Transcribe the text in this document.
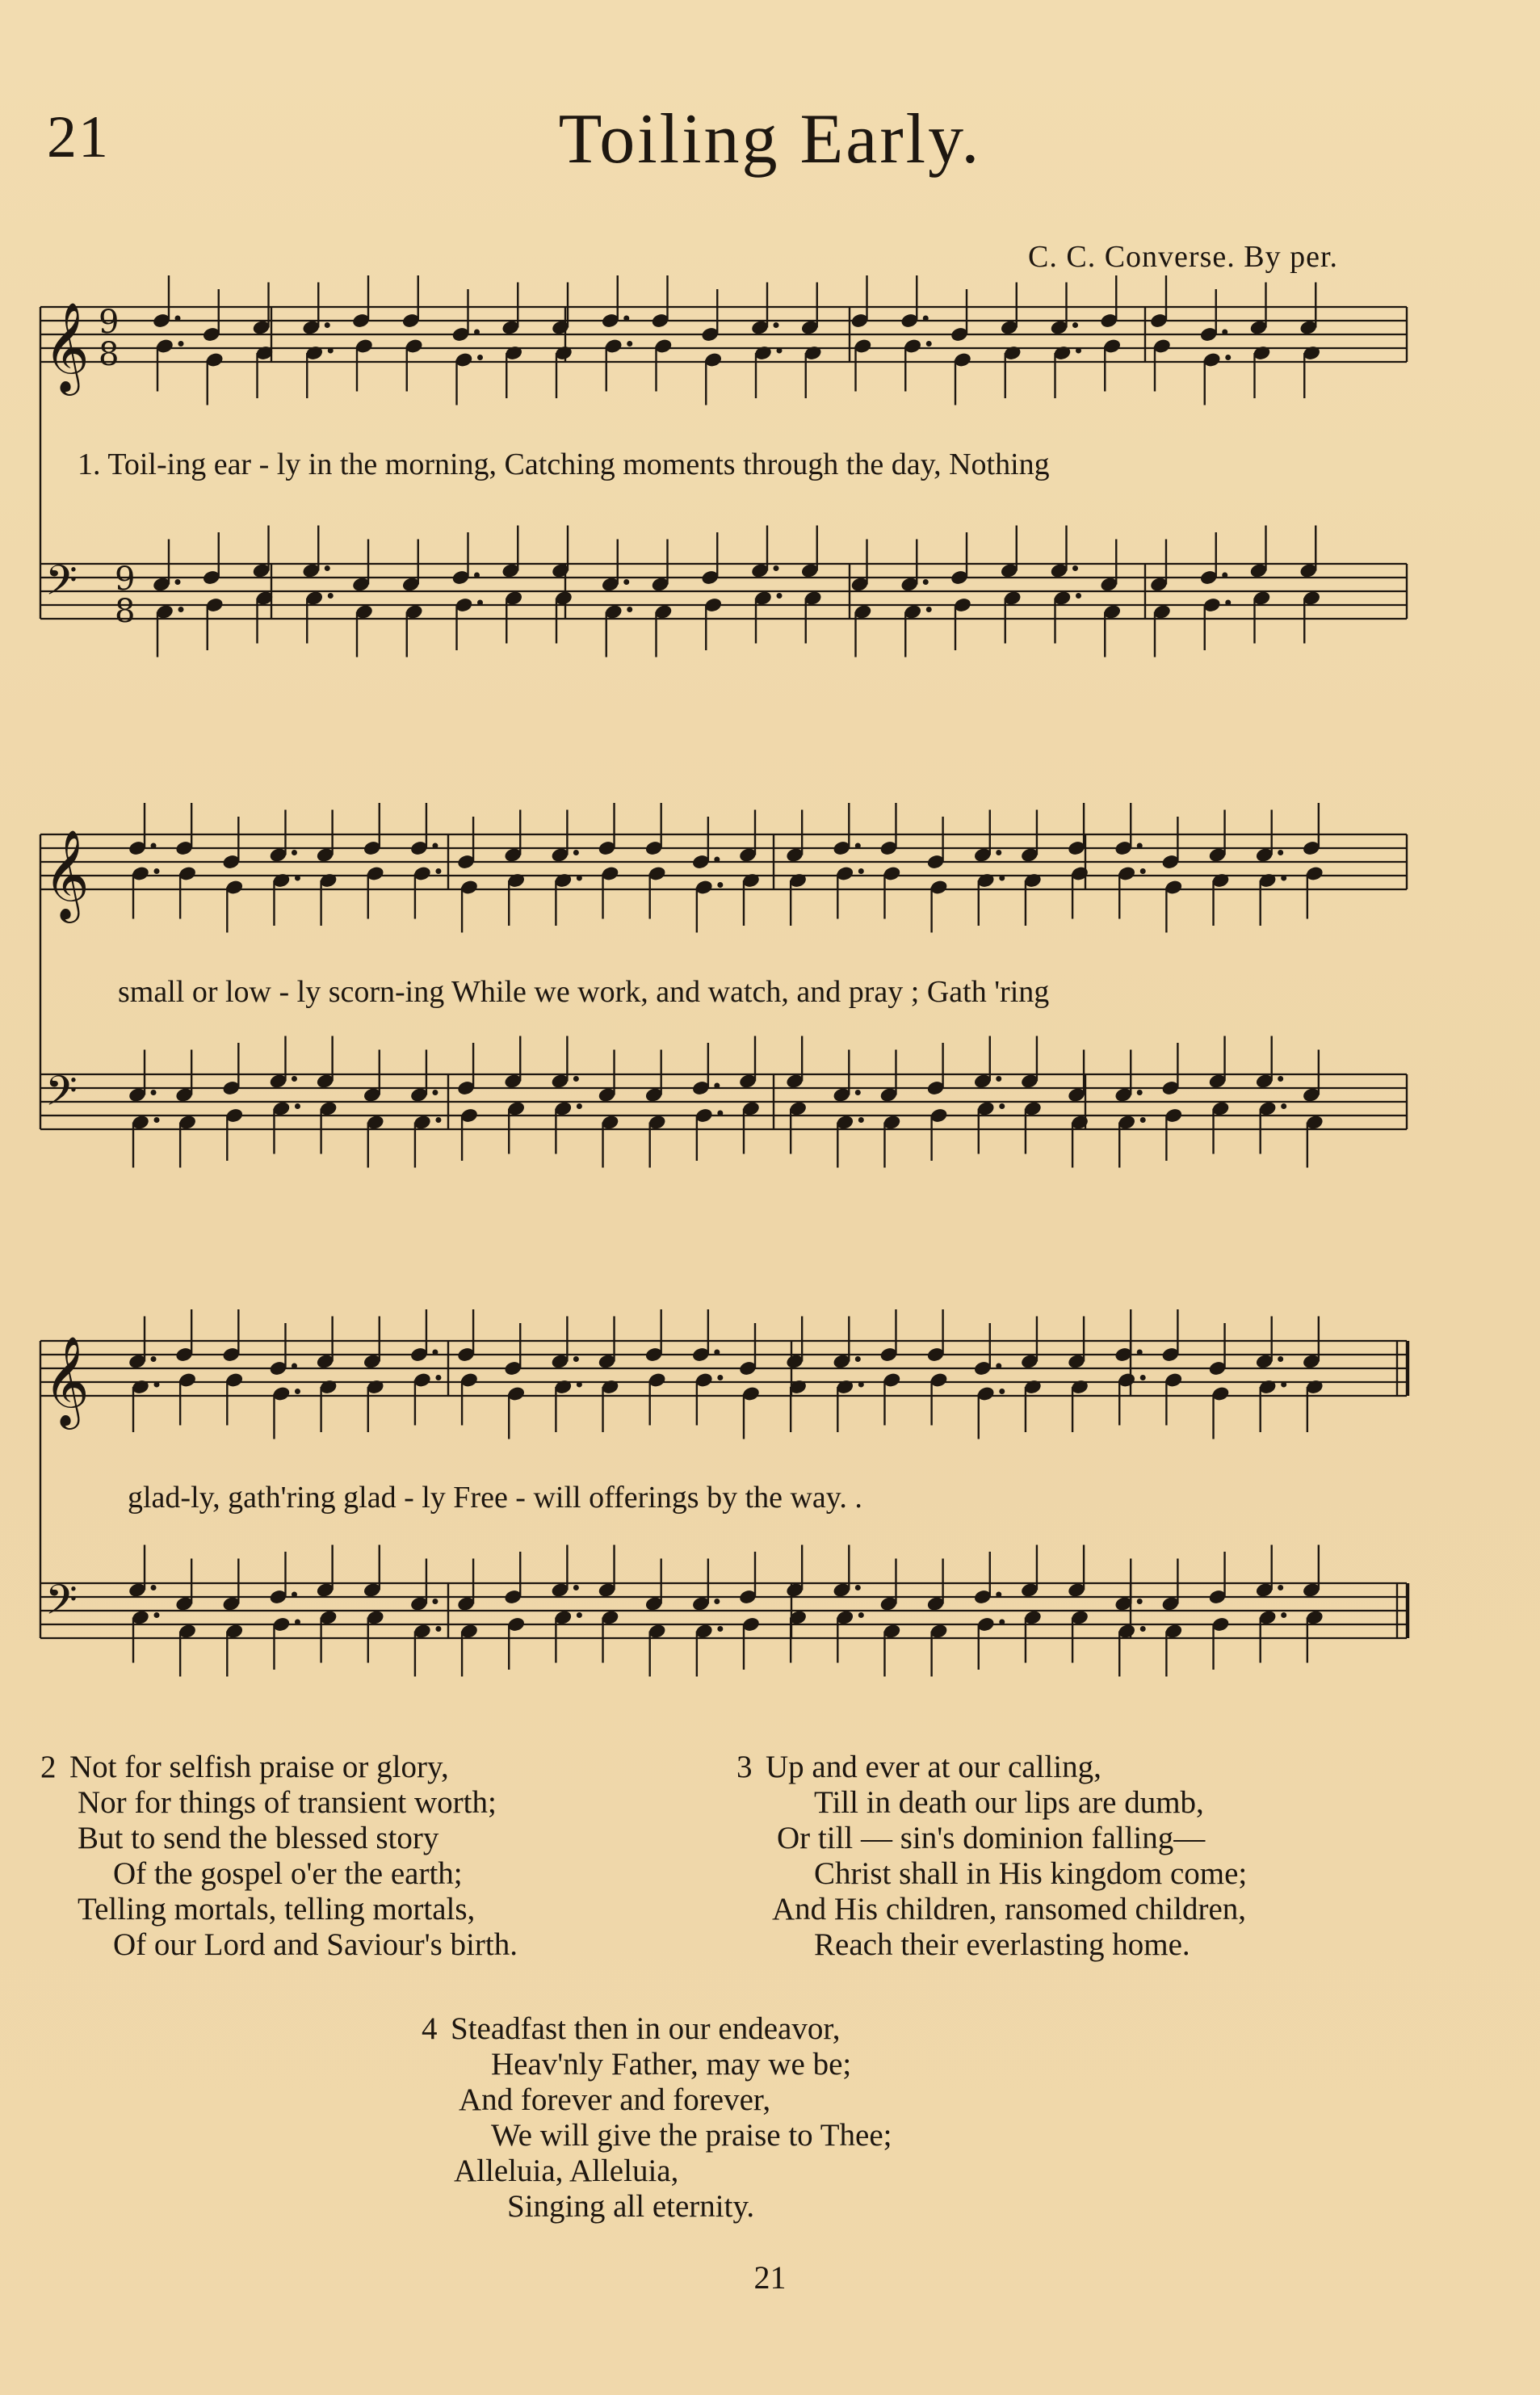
21	Toiling Early.
C. C. Converse. By per.
𝄞
𝄢
9
8
9
8
𝄞
𝄢
𝄞
𝄢
1. Toil-ing ear - ly in the morning, Catching moments through the day, Nothing
small or low - ly scorn-ing While we work, and watch, and pray ; Gath 'ring
glad-ly, gath'ring glad - ly Free - will offerings by the way. .
2 Not for selfish praise or glory,
Nor for things of transient worth;
But to send the blessed story
Of the gospel o'er the earth;
Telling mortals, telling mortals,
Of our Lord and Saviour's birth.
3 Up and ever at our calling,
Till in death our lips are dumb,
Or till — sin's dominion falling—
Christ shall in His kingdom come;
And His children, ransomed children,
Reach their everlasting home.
4 Steadfast then in our endeavor,
Heav'nly Father, may we be;
And forever and forever,
We will give the praise to Thee;
Alleluia, Alleluia,
Singing all eternity.
21
